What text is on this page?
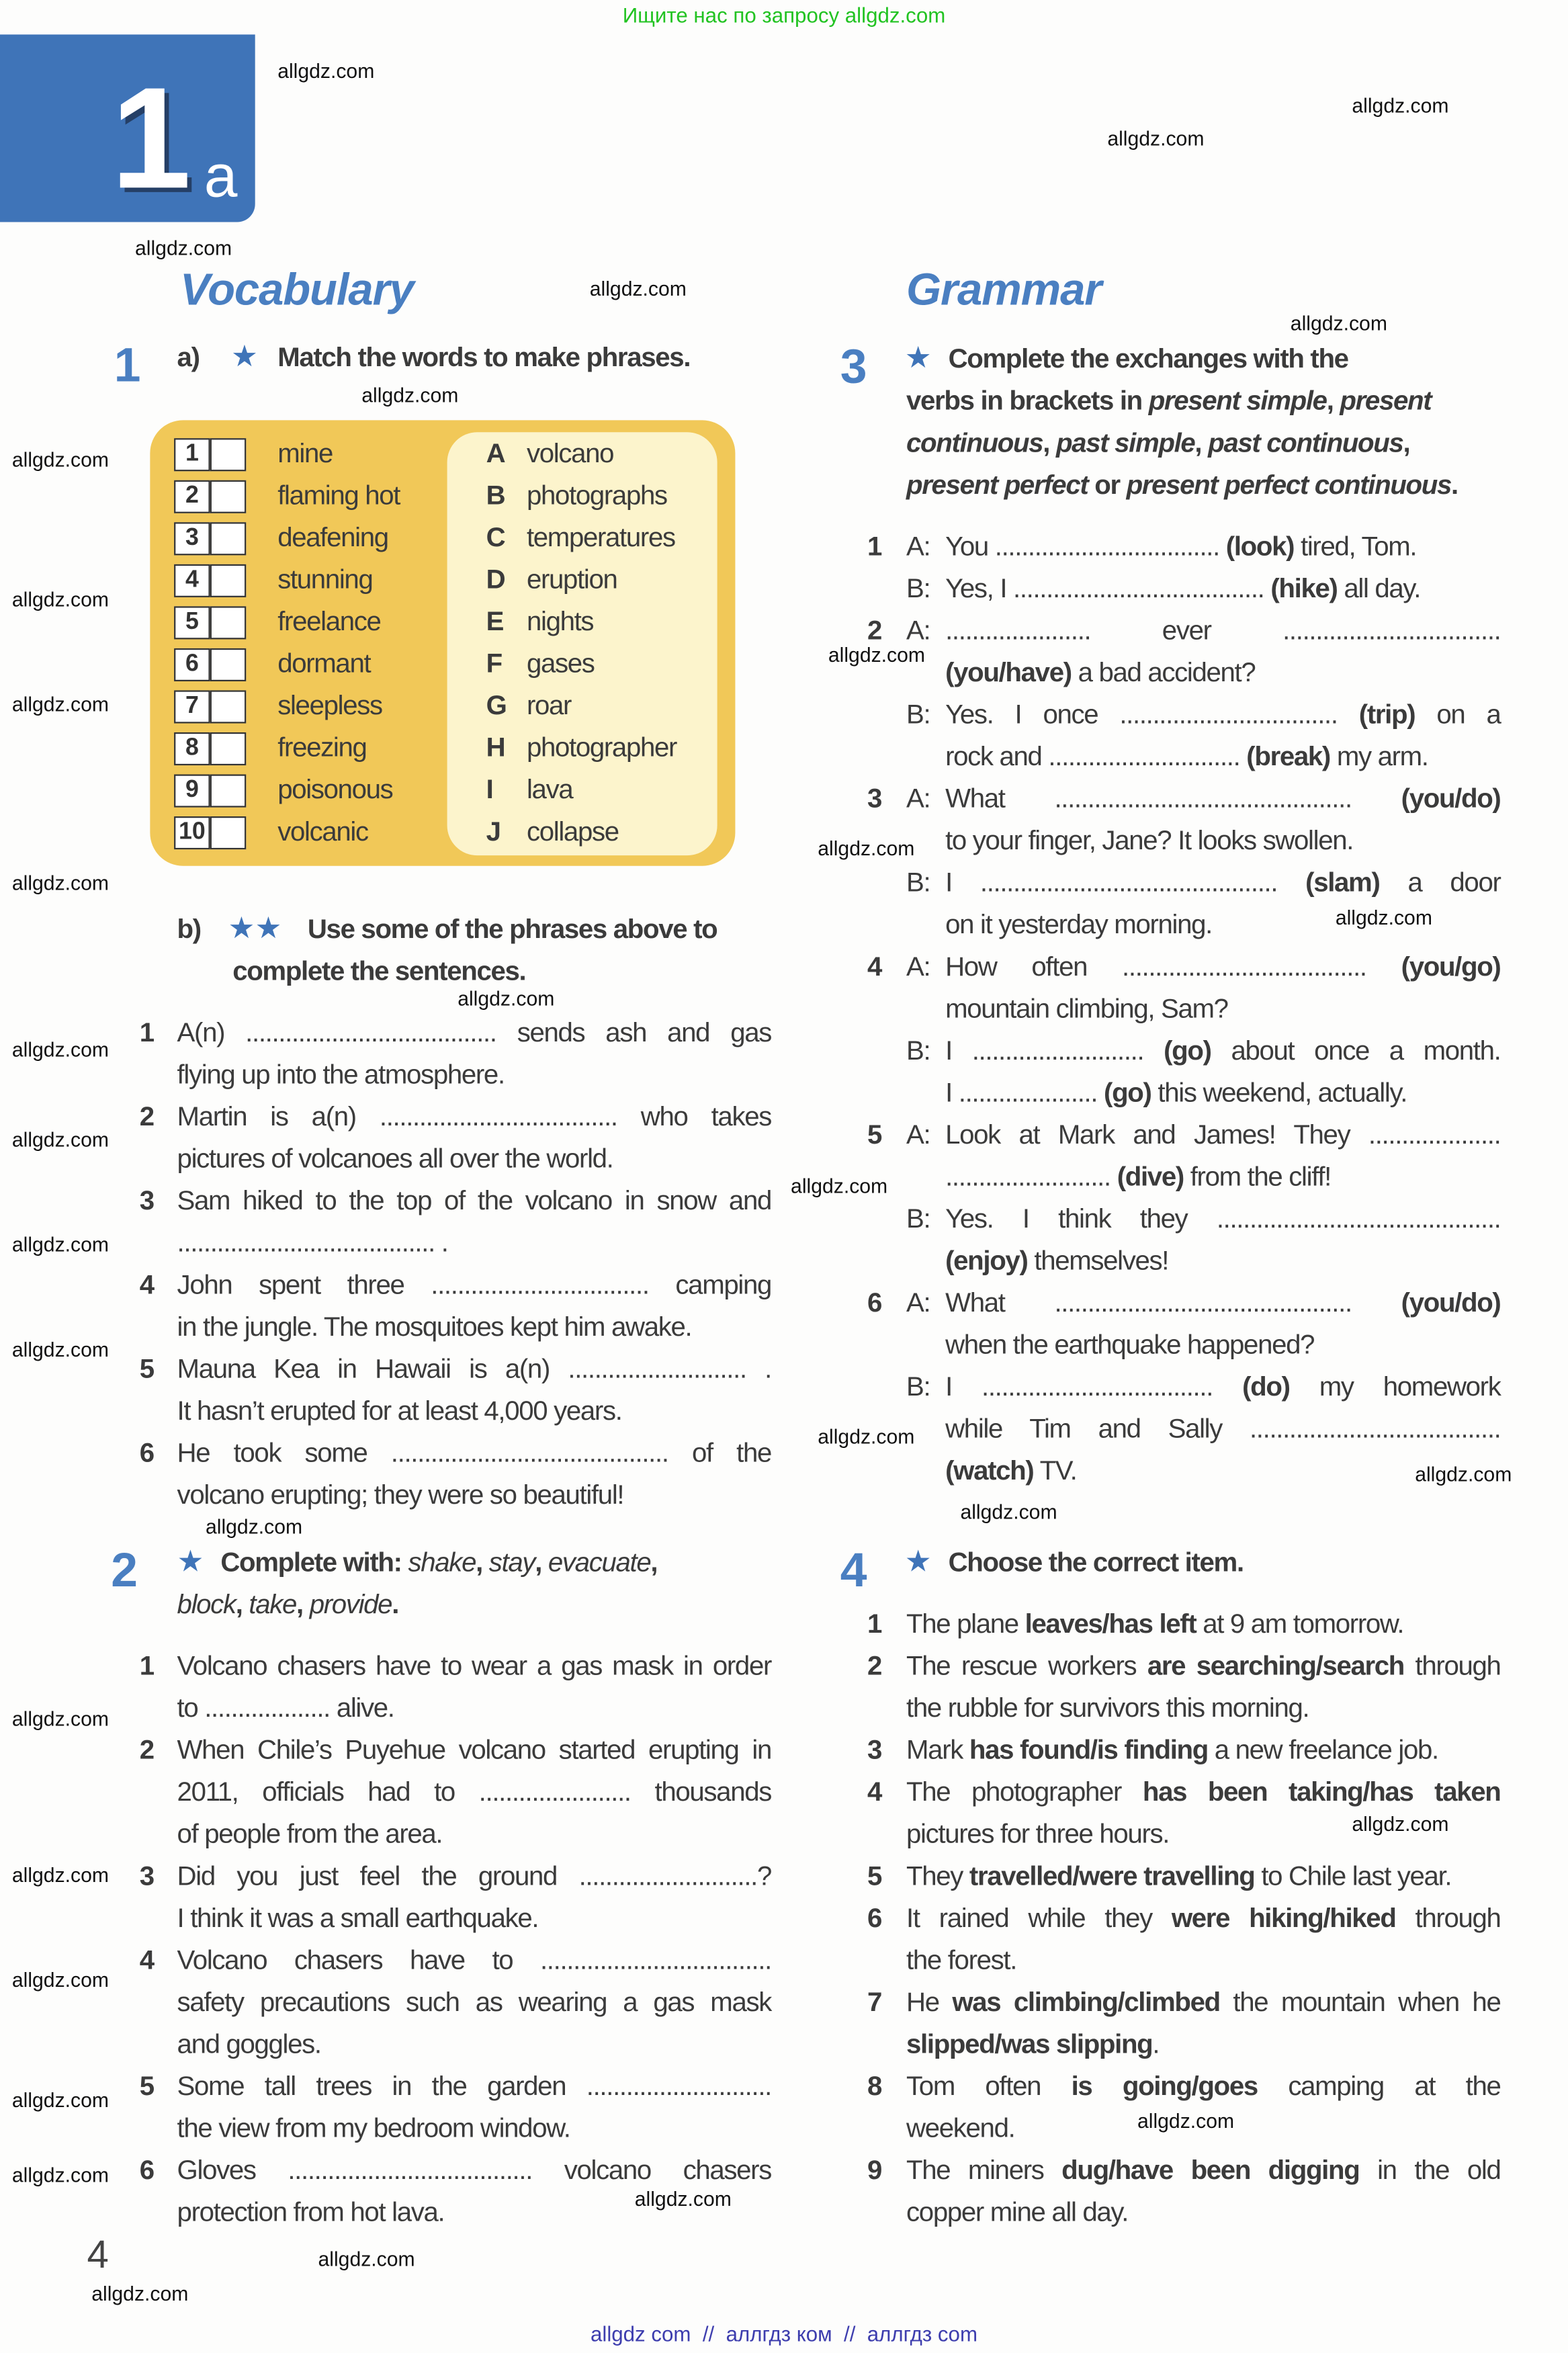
Ищите нас по запросу allgdz.com
1 a
Vocabulary	Grammar
1	a) ★ Match the words to make phrases.
b) ★★ Use some of the phrases above to
complete the sentences.
2	★
3	★
4	★ Choose the correct item.
4
allgdz com  //  аллгдз ком  //  аллгдз com
allgdz.com
allgdz.com
allgdz.com
allgdz.com
allgdz.com
allgdz.com
allgdz.com
allgdz.com
allgdz.com
allgdz.com
allgdz.com
allgdz.com
allgdz.com
allgdz.com
allgdz.com
allgdz.com
allgdz.com
allgdz.com
allgdz.com
allgdz.com
allgdz.com
allgdz.com
allgdz.com
allgdz.com
allgdz.com
allgdz.com
allgdz.com
allgdz.com
allgdz.com
allgdz.com
allgdz.com
allgdz.com
allgdz.com
allgdz.com
1	mine	A volcano
2	flaming hot	B photographs
3	deafening	C temperatures
4	stunning	D eruption
5	freelance	E nights
6	dormant	F gases
7	sleepless	G roar
8	freezing	H photographer
9	poisonous	I	lava
10	volcanic	J collapse
1 A(n) ...................................... sends ash and gas
flying up into the atmosphere.
2 Martin is a(n) .................................... who takes
pictures of volcanoes all over the world.
3 Sam hiked to the top of the volcano in snow and
....................................... .
4 John spent three ................................. camping
in the jungle. The mosquitoes kept him awake.
5 Mauna Kea in Hawaii is a(n) ........................... .
It hasn’t erupted for at least 4,000 years.
6 He took some .......................................... of the
volcano erupting; they were so beautiful!
Complete with: shake, stay, evacuate,
block, take, provide.
1 Volcano chasers have to wear a gas mask in order
to ................... alive.
2 When Chile’s Puyehue volcano started erupting in
2011, officials had to ....................... thousands
of people from the area.
3 Did you just feel the ground ...........................?
I think it was a small earthquake.
4 Volcano chasers have to ...................................
safety precautions such as wearing a gas mask
and goggles.
5 Some tall trees in the garden ............................
the view from my bedroom window.
6 Gloves ..................................... volcano chasers
protection from hot lava.
Complete the exchanges with the
verbs in brackets in present simple, present
continuous, past simple, past continuous,
present perfect or present perfect continuous.
1 A: You .................................. (look) tired, Tom.
B: Yes, I ...................................... (hike) all day.
2 A: ...................... ever .................................
(you/have) a bad accident?
B: Yes. I once ................................. (trip) on a
rock and ............................. (break) my arm.
3 A: What ............................................. (you/do)
to your finger, Jane? It looks swollen.
B: I ............................................. (slam) a door
on it yesterday morning.
4 A: How often ..................................... (you/go)
mountain climbing, Sam?
B: I .......................... (go) about once a month.
I ..................... (go) this weekend, actually.
5 A: Look at Mark and James! They ....................
......................... (dive) from the cliff!
B: Yes. I think they ...........................................
(enjoy) themselves!
6 A: What ............................................. (you/do)
when the earthquake happened?
B: I ................................... (do) my homework
while Tim and Sally ......................................
(watch) TV.
1 The plane leaves/has left at 9 am tomorrow.
2 The rescue workers are searching/search through
the rubble for survivors this morning.
3 Mark has found/is finding a new freelance job.
4 The photographer has been taking/has taken
pictures for three hours.
5 They travelled/were travelling to Chile last year.
6 It rained while they were hiking/hiked through
the forest.
7 He was climbing/climbed the mountain when he
slipped/was slipping.
8 Tom often is going/goes camping at the
weekend.
9 The miners dug/have been digging in the old
copper mine all day.
